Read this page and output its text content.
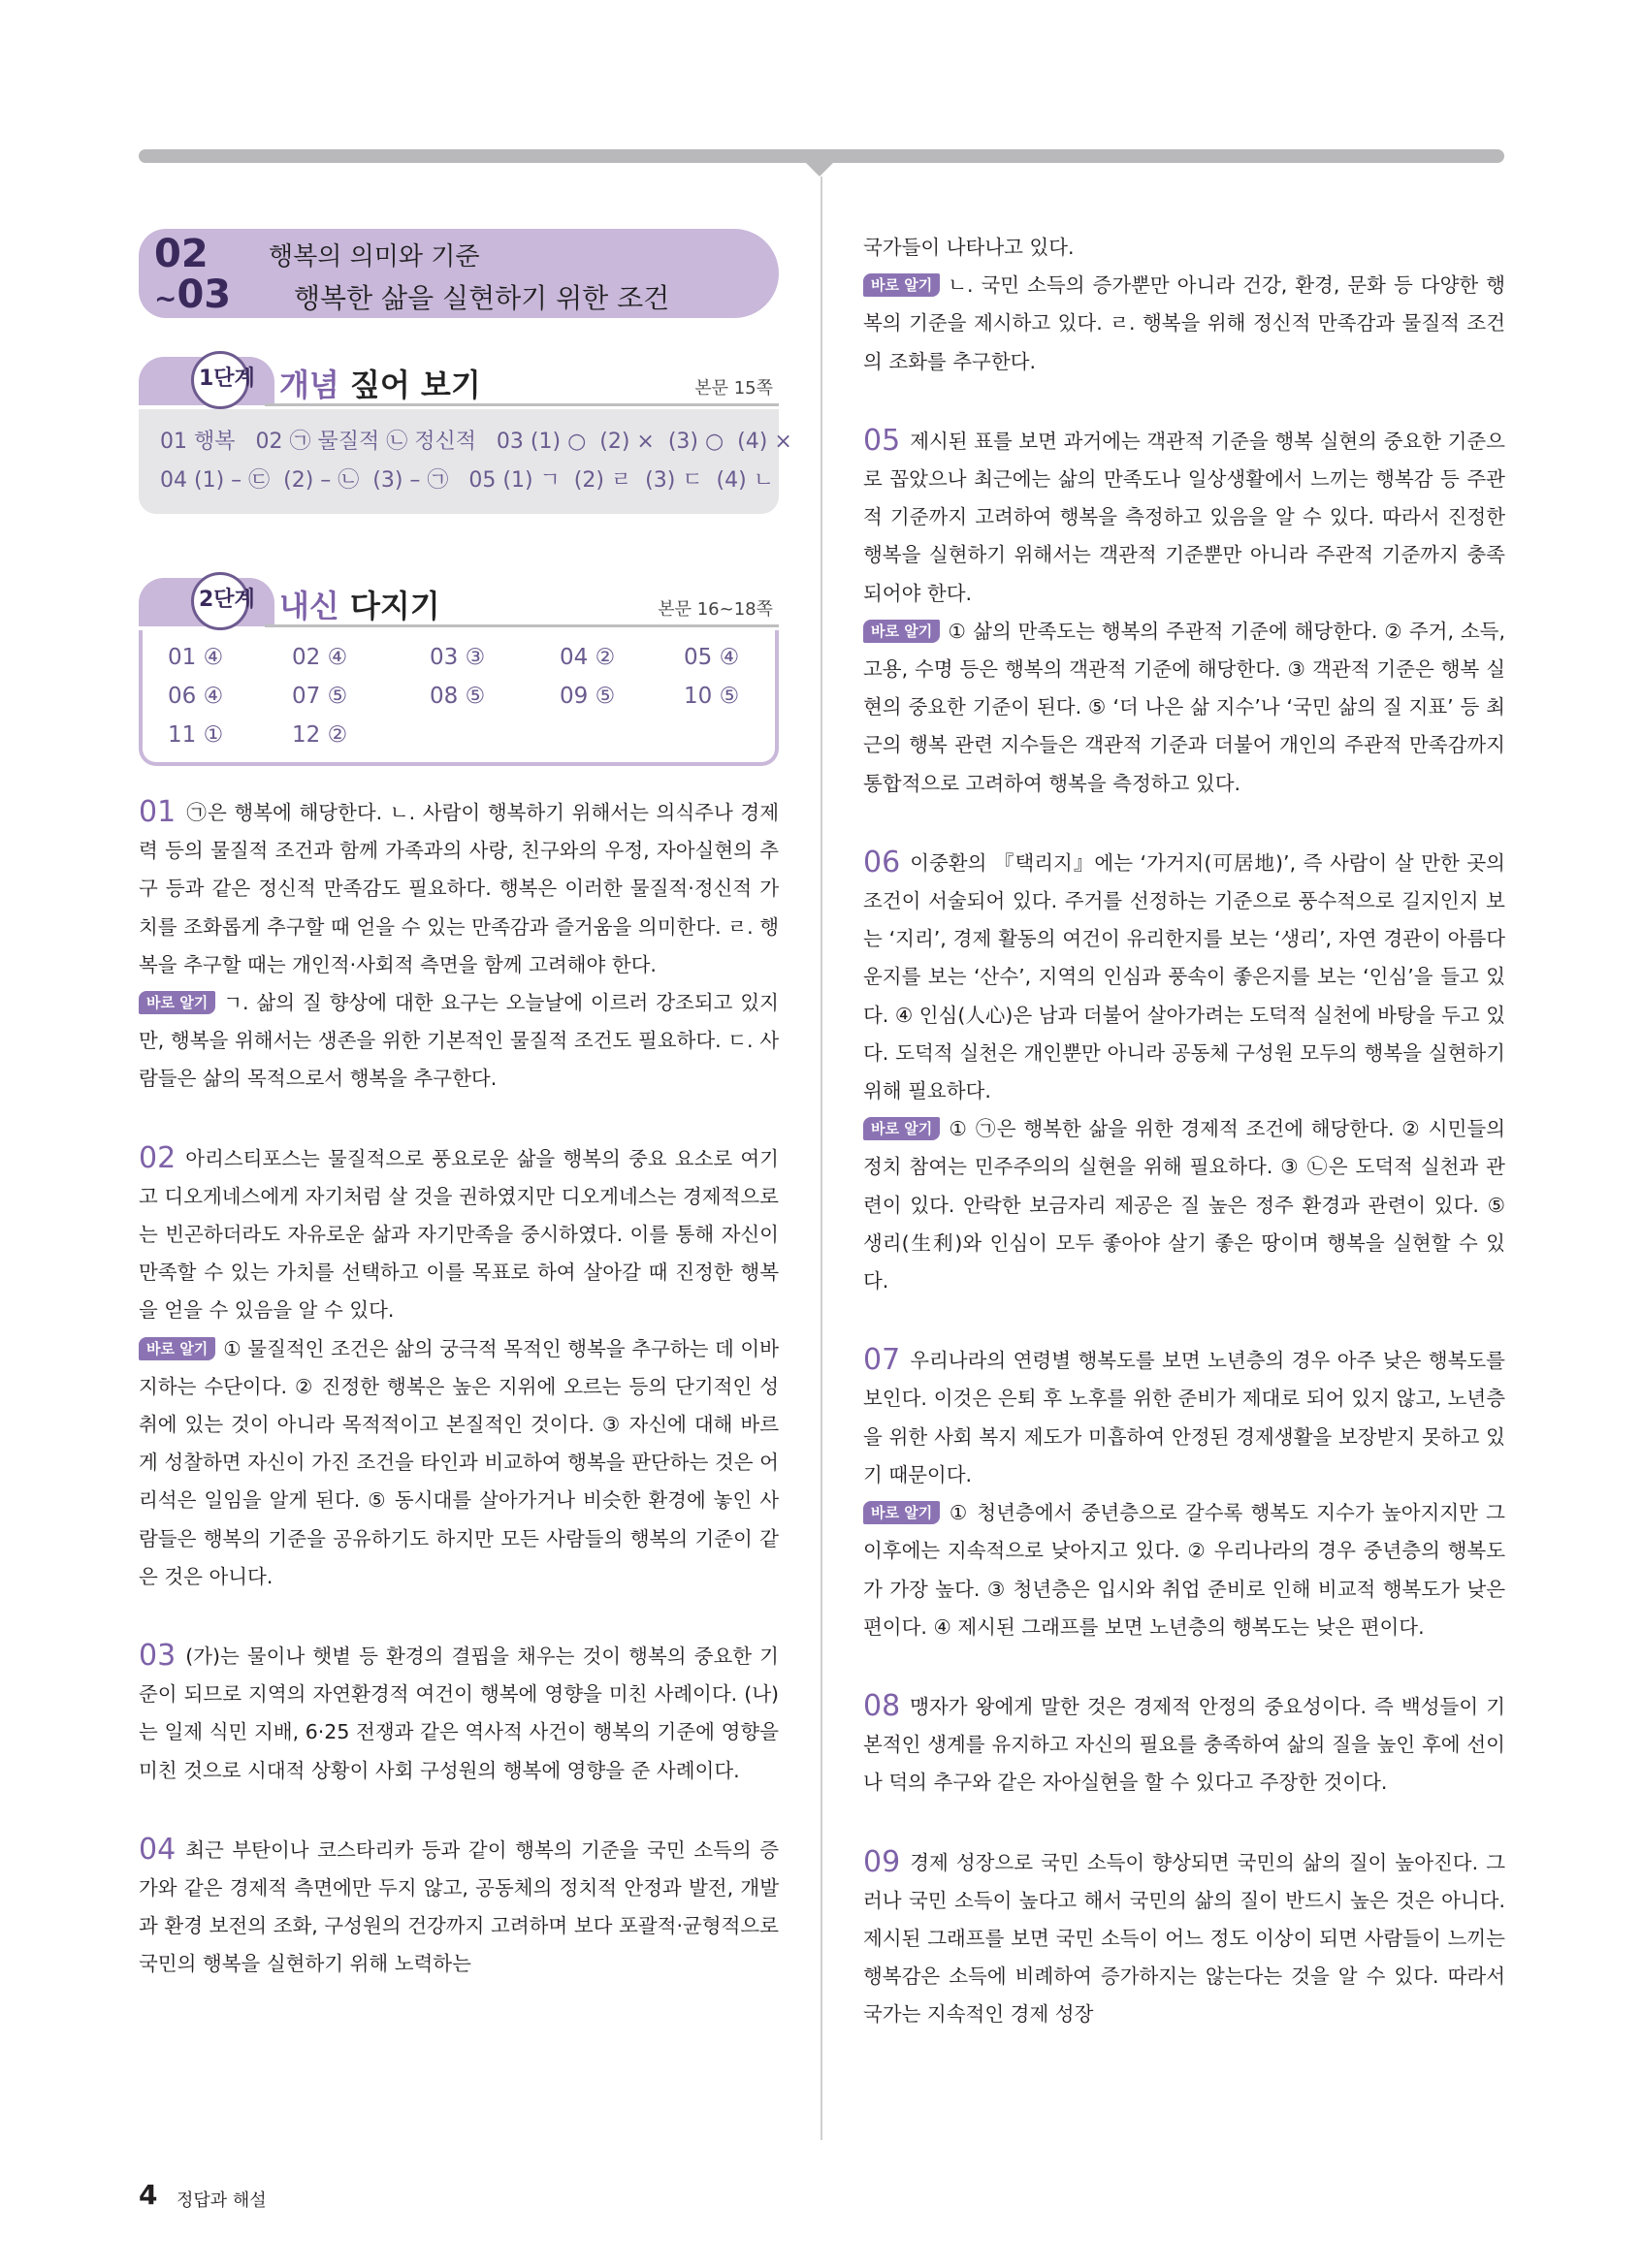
02
~03
행복의 의미와 기준
행복한 삶을 실현하기 위한 조건
1단계 개념 짚어 보기	본문 15쪽
01 행복   02 ㉠ 물질적 ㉡ 정신적   03 (1) ○  (2) ×  (3) ○  (4) ×
04 (1) – ㉢  (2) – ㉡  (3) – ㉠   05 (1) ㄱ  (2) ㄹ  (3) ㄷ  (4) ㄴ
2단계 내신 다지기	본문 16~18쪽
01 ④	02 ④	03 ③	04 ②	05 ④
06 ④	07 ⑤	08 ⑤	09 ⑤	10 ⑤
11 ①	12 ②

01 ㉠은 행복에 해당한다. ㄴ. 사람이 행복하기 위해서는 의식주나 경제력 등의 물질적 조건과 함께 가족과의 사랑, 친구와의 우정, 자아실현의 추구 등과 같은 정신적 만족감도 필요하다. 행복은 이러한 물질적·정신적 가치를 조화롭게 추구할 때 얻을 수 있는 만족감과 즐거움을 의미한다. ㄹ. 행복을 추구할 때는 개인적·사회적 측면을 함께 고려해야 한다.

바로 알기 ㄱ. 삶의 질 향상에 대한 요구는 오늘날에 이르러 강조되고 있지만, 행복을 위해서는 생존을 위한 기본적인 물질적 조건도 필요하다. ㄷ. 사람들은 삶의 목적으로서 행복을 추구한다.

02 아리스티포스는 물질적으로 풍요로운 삶을 행복의 중요 요소로 여기고 디오게네스에게 자기처럼 살 것을 권하였지만 디오게네스는 경제적으로는 빈곤하더라도 자유로운 삶과 자기만족을 중시하였다. 이를 통해 자신이 만족할 수 있는 가치를 선택하고 이를 목표로 하여 살아갈 때 진정한 행복을 얻을 수 있음을 알 수 있다.

바로 알기 ① 물질적인 조건은 삶의 궁극적 목적인 행복을 추구하는 데 이바지하는 수단이다. ② 진정한 행복은 높은 지위에 오르는 등의 단기적인 성취에 있는 것이 아니라 목적적이고 본질적인 것이다. ③ 자신에 대해 바르게 성찰하면 자신이 가진 조건을 타인과 비교하여 행복을 판단하는 것은 어리석은 일임을 알게 된다. ⑤ 동시대를 살아가거나 비슷한 환경에 놓인 사람들은 행복의 기준을 공유하기도 하지만 모든 사람들의 행복의 기준이 같은 것은 아니다.

03 (가)는 물이나 햇볕 등 환경의 결핍을 채우는 것이 행복의 중요한 기준이 되므로 지역의 자연환경적 여건이 행복에 영향을 미친 사례이다. (나)는 일제 식민 지배, 6·25 전쟁과 같은 역사적 사건이 행복의 기준에 영향을 미친 것으로 시대적 상황이 사회 구성원의 행복에 영향을 준 사례이다.

04 최근 부탄이나 코스타리카 등과 같이 행복의 기준을 국민 소득의 증가와 같은 경제적 측면에만 두지 않고, 공동체의 정치적 안정과 발전, 개발과 환경 보전의 조화, 구성원의 건강까지 고려하며 보다 포괄적·균형적으로 국민의 행복을 실현하기 위해 노력하는

국가들이 나타나고 있다.

바로 알기 ㄴ. 국민 소득의 증가뿐만 아니라 건강, 환경, 문화 등 다양한 행복의 기준을 제시하고 있다. ㄹ. 행복을 위해 정신적 만족감과 물질적 조건의 조화를 추구한다.

05 제시된 표를 보면 과거에는 객관적 기준을 행복 실현의 중요한 기준으로 꼽았으나 최근에는 삶의 만족도나 일상생활에서 느끼는 행복감 등 주관적 기준까지 고려하여 행복을 측정하고 있음을 알 수 있다. 따라서 진정한 행복을 실현하기 위해서는 객관적 기준뿐만 아니라 주관적 기준까지 충족되어야 한다.

바로 알기 ① 삶의 만족도는 행복의 주관적 기준에 해당한다. ② 주거, 소득, 고용, 수명 등은 행복의 객관적 기준에 해당한다. ③ 객관적 기준은 행복 실현의 중요한 기준이 된다. ⑤ ‘더 나은 삶 지수’나 ‘국민 삶의 질 지표’ 등 최근의 행복 관련 지수들은 객관적 기준과 더불어 개인의 주관적 만족감까지 통합적으로 고려하여 행복을 측정하고 있다.

06 이중환의 『택리지』에는 ‘가거지(可居地)’, 즉 사람이 살 만한 곳의 조건이 서술되어 있다. 주거를 선정하는 기준으로 풍수적으로 길지인지 보는 ‘지리’, 경제 활동의 여건이 유리한지를 보는 ‘생리’, 자연 경관이 아름다운지를 보는 ‘산수’, 지역의 인심과 풍속이 좋은지를 보는 ‘인심’을 들고 있다. ④ 인심(人心)은 남과 더불어 살아가려는 도덕적 실천에 바탕을 두고 있다. 도덕적 실천은 개인뿐만 아니라 공동체 구성원 모두의 행복을 실현하기 위해 필요하다.

바로 알기 ① ㉠은 행복한 삶을 위한 경제적 조건에 해당한다. ② 시민들의 정치 참여는 민주주의의 실현을 위해 필요하다. ③ ㉡은 도덕적 실천과 관련이 있다. 안락한 보금자리 제공은 질 높은 정주 환경과 관련이 있다. ⑤ 생리(生利)와 인심이 모두 좋아야 살기 좋은 땅이며 행복을 실현할 수 있다.

07 우리나라의 연령별 행복도를 보면 노년층의 경우 아주 낮은 행복도를 보인다. 이것은 은퇴 후 노후를 위한 준비가 제대로 되어 있지 않고, 노년층을 위한 사회 복지 제도가 미흡하여 안정된 경제생활을 보장받지 못하고 있기 때문이다.

바로 알기 ① 청년층에서 중년층으로 갈수록 행복도 지수가 높아지지만 그 이후에는 지속적으로 낮아지고 있다. ② 우리나라의 경우 중년층의 행복도가 가장 높다. ③ 청년층은 입시와 취업 준비로 인해 비교적 행복도가 낮은 편이다. ④ 제시된 그래프를 보면 노년층의 행복도는 낮은 편이다.

08 맹자가 왕에게 말한 것은 경제적 안정의 중요성이다. 즉 백성들이 기본적인 생계를 유지하고 자신의 필요를 충족하여 삶의 질을 높인 후에 선이나 덕의 추구와 같은 자아실현을 할 수 있다고 주장한 것이다.

09 경제 성장으로 국민 소득이 향상되면 국민의 삶의 질이 높아진다. 그러나 국민 소득이 높다고 해서 국민의 삶의 질이 반드시 높은 것은 아니다. 제시된 그래프를 보면 국민 소득이 어느 정도 이상이 되면 사람들이 느끼는 행복감은 소득에 비례하여 증가하지는 않는다는 것을 알 수 있다. 따라서 국가는 지속적인 경제 성장

4 정답과 해설
